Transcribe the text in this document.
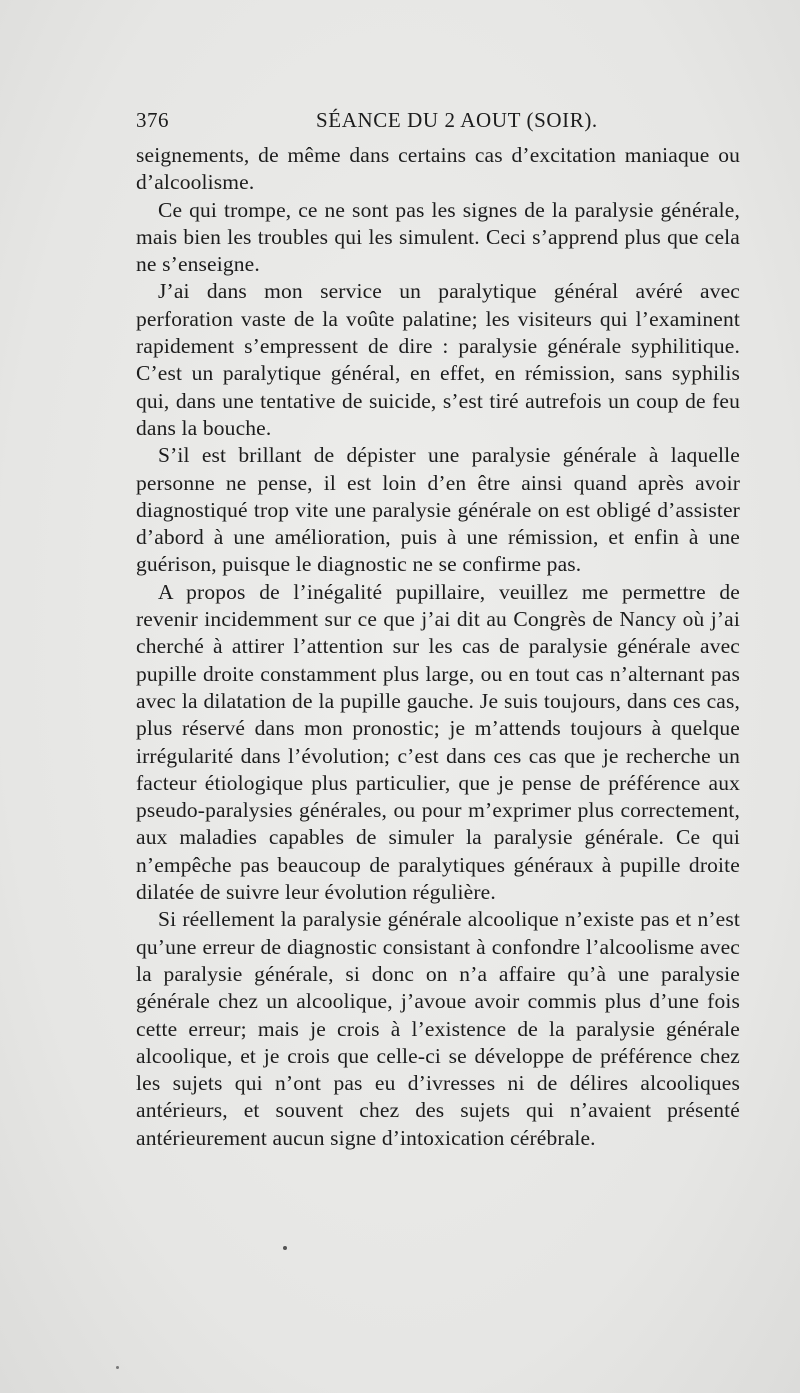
376	SÉANCE DU 2 AOUT (SOIR).

seignements, de même dans certains cas d’excitation maniaque ou d’alcoolisme.

Ce qui trompe, ce ne sont pas les signes de la paralysie générale, mais bien les troubles qui les simulent. Ceci s’apprend plus que cela ne s’enseigne.

J’ai dans mon service un paralytique général avéré avec perforation vaste de la voûte palatine; les visiteurs qui l’examinent rapidement s’empressent de dire : paralysie générale syphilitique. C’est un paralytique général, en effet, en rémission, sans syphilis qui, dans une tentative de suicide, s’est tiré autrefois un coup de feu dans la bouche.

S’il est brillant de dépister une paralysie générale à laquelle personne ne pense, il est loin d’en être ainsi quand après avoir diagnostiqué trop vite une paralysie générale on est obligé d’assister d’abord à une amélioration, puis à une rémission, et enfin à une guérison, puisque le diagnostic ne se confirme pas.

A propos de l’inégalité pupillaire, veuillez me permettre de revenir incidemment sur ce que j’ai dit au Congrès de Nancy où j’ai cherché à attirer l’attention sur les cas de paralysie générale avec pupille droite constamment plus large, ou en tout cas n’alternant pas avec la dilatation de la pupille gauche. Je suis toujours, dans ces cas, plus réservé dans mon pronostic; je m’attends toujours à quelque irrégularité dans l’évolution; c’est dans ces cas que je recherche un facteur étiologique plus particulier, que je pense de préférence aux pseudo-paralysies générales, ou pour m’exprimer plus correctement, aux maladies capables de simuler la paralysie générale. Ce qui n’empêche pas beaucoup de paralytiques généraux à pupille droite dilatée de suivre leur évolution régulière.

Si réellement la paralysie générale alcoolique n’existe pas et n’est qu’une erreur de diagnostic consistant à confondre l’alcoolisme avec la paralysie générale, si donc on n’a affaire qu’à une paralysie générale chez un alcoolique, j’avoue avoir commis plus d’une fois cette erreur; mais je crois à l’existence de la paralysie générale alcoolique, et je crois que celle-ci se développe de préférence chez les sujets qui n’ont pas eu d’ivresses ni de délires alcooliques antérieurs, et souvent chez des sujets qui n’avaient présenté antérieurement aucun signe d’intoxication cérébrale.
